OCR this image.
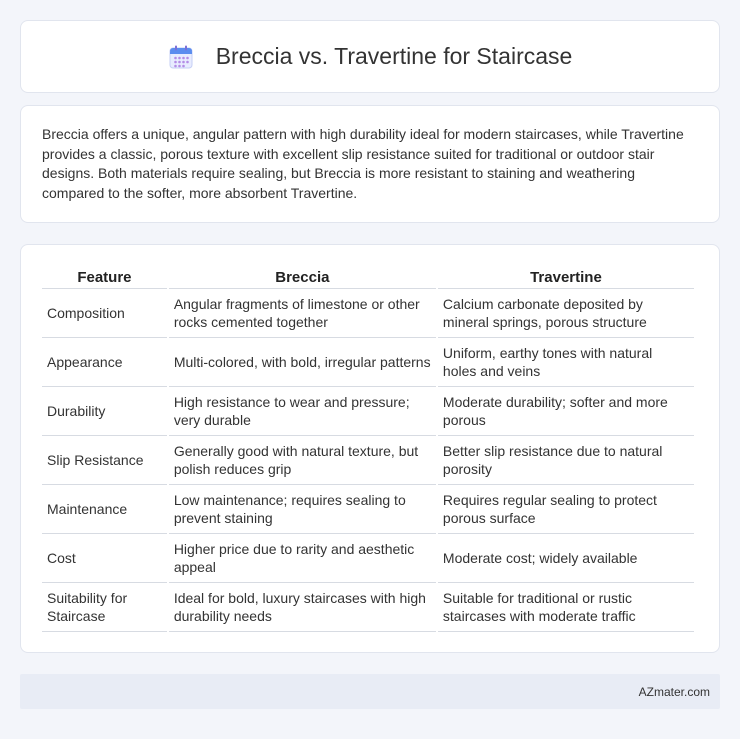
Breccia vs. Travertine for Staircase

Breccia offers a unique, angular pattern with high durability ideal for modern staircases, while Travertine provides a classic, porous texture with excellent slip resistance suited for traditional or outdoor stair designs. Both materials require sealing, but Breccia is more resistant to staining and weathering compared to the softer, more absorbent Travertine.

Feature	Breccia	Travertine
Composition	Angular fragments of limestone or other rocks cemented together	Calcium carbonate deposited by mineral springs, porous structure
Appearance	Multi-colored, with bold, irregular patterns	Uniform, earthy tones with natural holes and veins
Durability	High resistance to wear and pressure; very durable	Moderate durability; softer and more porous
Slip Resistance	Generally good with natural texture, but polish reduces grip	Better slip resistance due to natural porosity
Maintenance	Low maintenance; requires sealing to prevent staining	Requires regular sealing to protect porous surface
Cost	Higher price due to rarity and aesthetic appeal	Moderate cost; widely available
Suitability for Staircase	Ideal for bold, luxury staircases with high durability needs	Suitable for traditional or rustic staircases with moderate traffic
AZmater.com
